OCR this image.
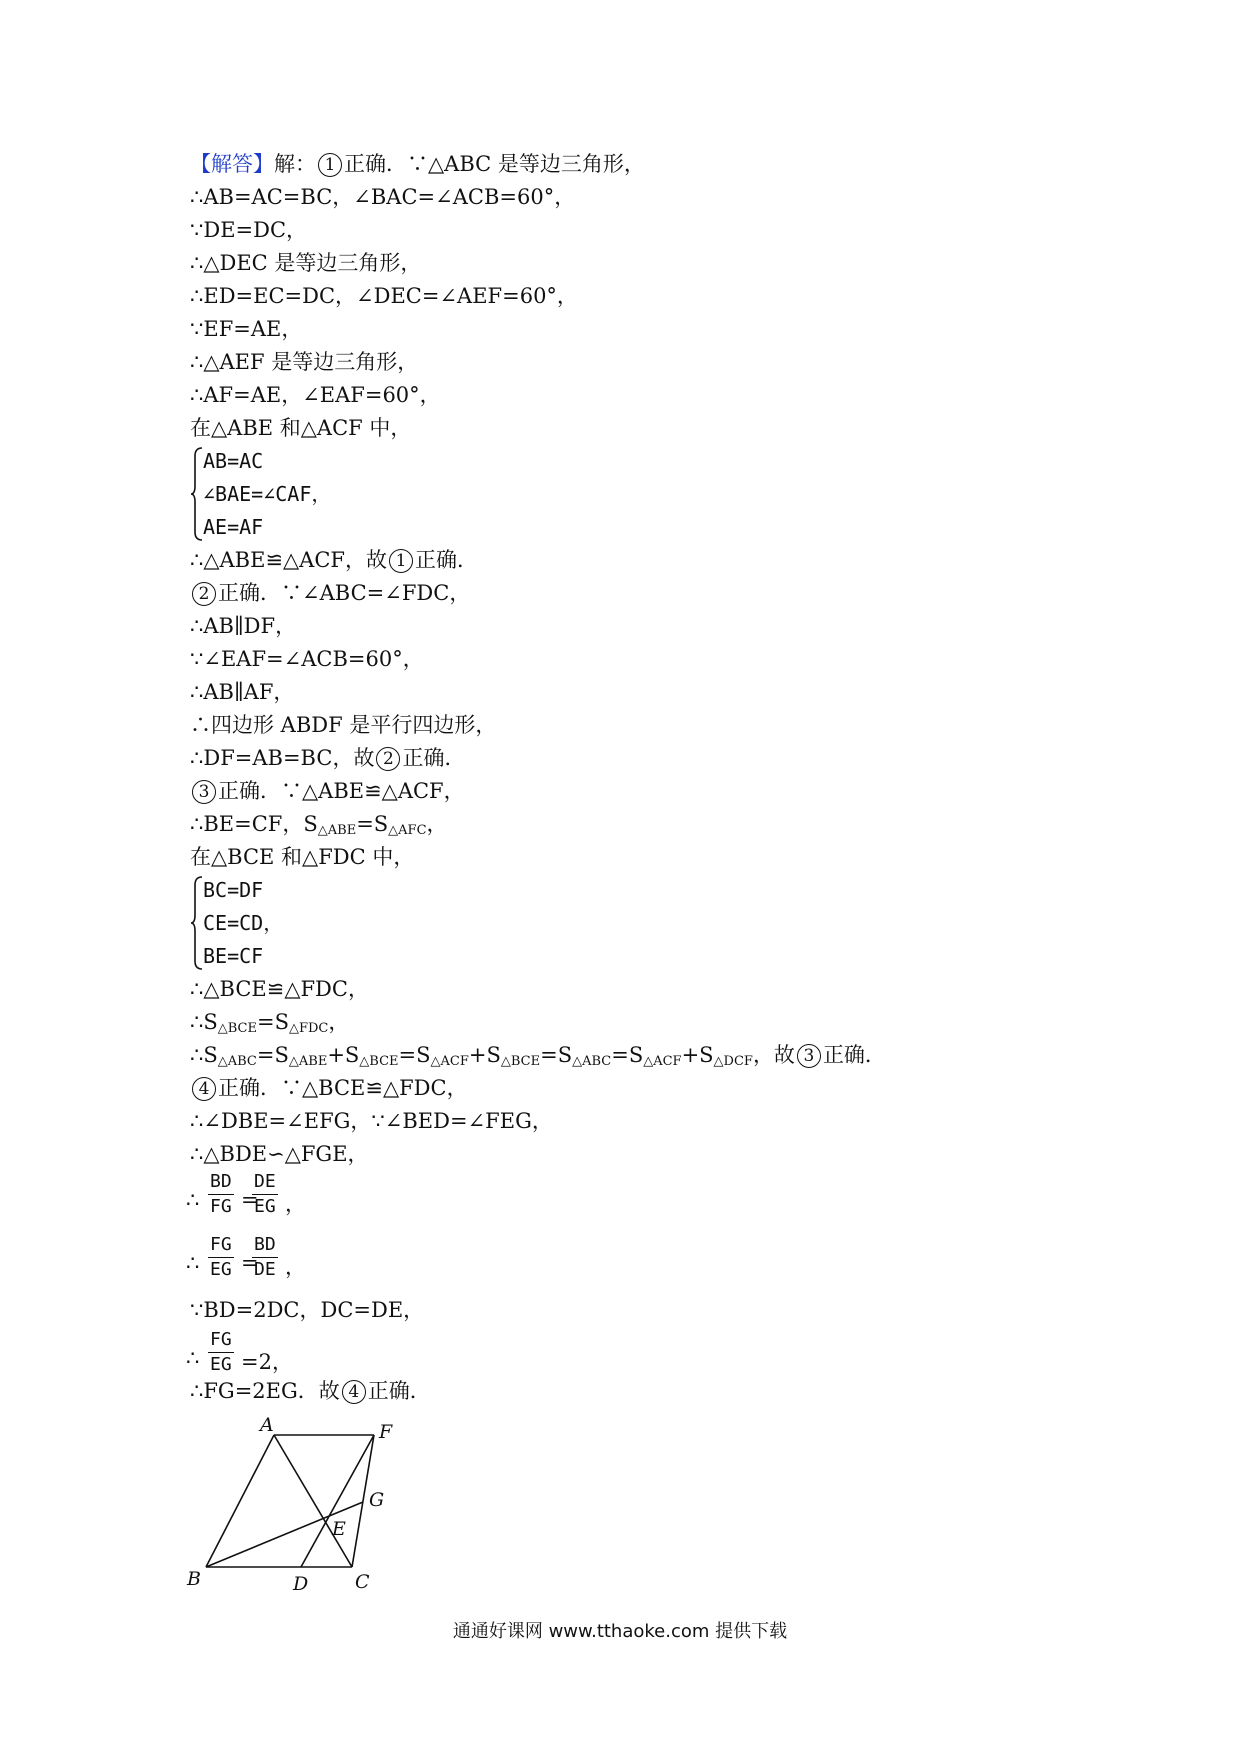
【解答】解： 1 正确．∵△ABC 是等边三角形，
∴AB=AC=BC，∠BAC=∠ACB=60°，
∵DE=DC，
∴△DEC 是等边三角形，
∴ED=EC=DC，∠DEC=∠AEF=60°，
∵EF=AE，
∴△AEF 是等边三角形，
∴AF=AE，∠EAF=60°，
在△ABE 和△ACF 中，
AB=AC
∠BAE=∠CAF，
AE=AF
∴△ABE≌△ACF，故 1 正确．
2 正确．∵∠ABC=∠FDC，
∴AB∥DF，
∵∠EAF=∠ACB=60°，
∴AB∥AF，
∴四边形 ABDF 是平行四边形，
∴DF=AB=BC，故 2 正确．
3 正确．∵△ABE≌△ACF，
∴BE=CF，$S_{\triangle ABE}=S_{\triangle AFC}$，
在△BCE 和△FDC 中，
BC=DF
CE=CD，
BE=CF
∴△BCE≌△FDC，
$\therefore S_{\triangle BCE}=S_{\triangle FDC}$，
$\therefore S_{\triangle ABC}=S_{\triangle ABE}+S_{\triangle BCE}=S_{\triangle ACF}+S_{\triangle BCE}=S_{\triangle ABC}=S_{\triangle ACF}+S_{\triangle DCF}$，故 3 正确．
4 正确．∵△BCE≌△FDC，
∴∠DBE=∠EFG，∵∠BED=∠FEG，
∴△BDE∽△FGE，
∴ $\frac{BD}{FG}$ =
$\frac{DE}{EG}$ ，
∴ $\frac{FG}{EG}$ =
$\frac{BD}{DE}$ ，
∵BD=2DC，DC=DE，
∴ $\frac{FG}{EG} =2$，
∴FG=2EG．故 4 正确．
A	F
G
E
B	D C
通通好课网 www.tthaoke.com 提供下载
